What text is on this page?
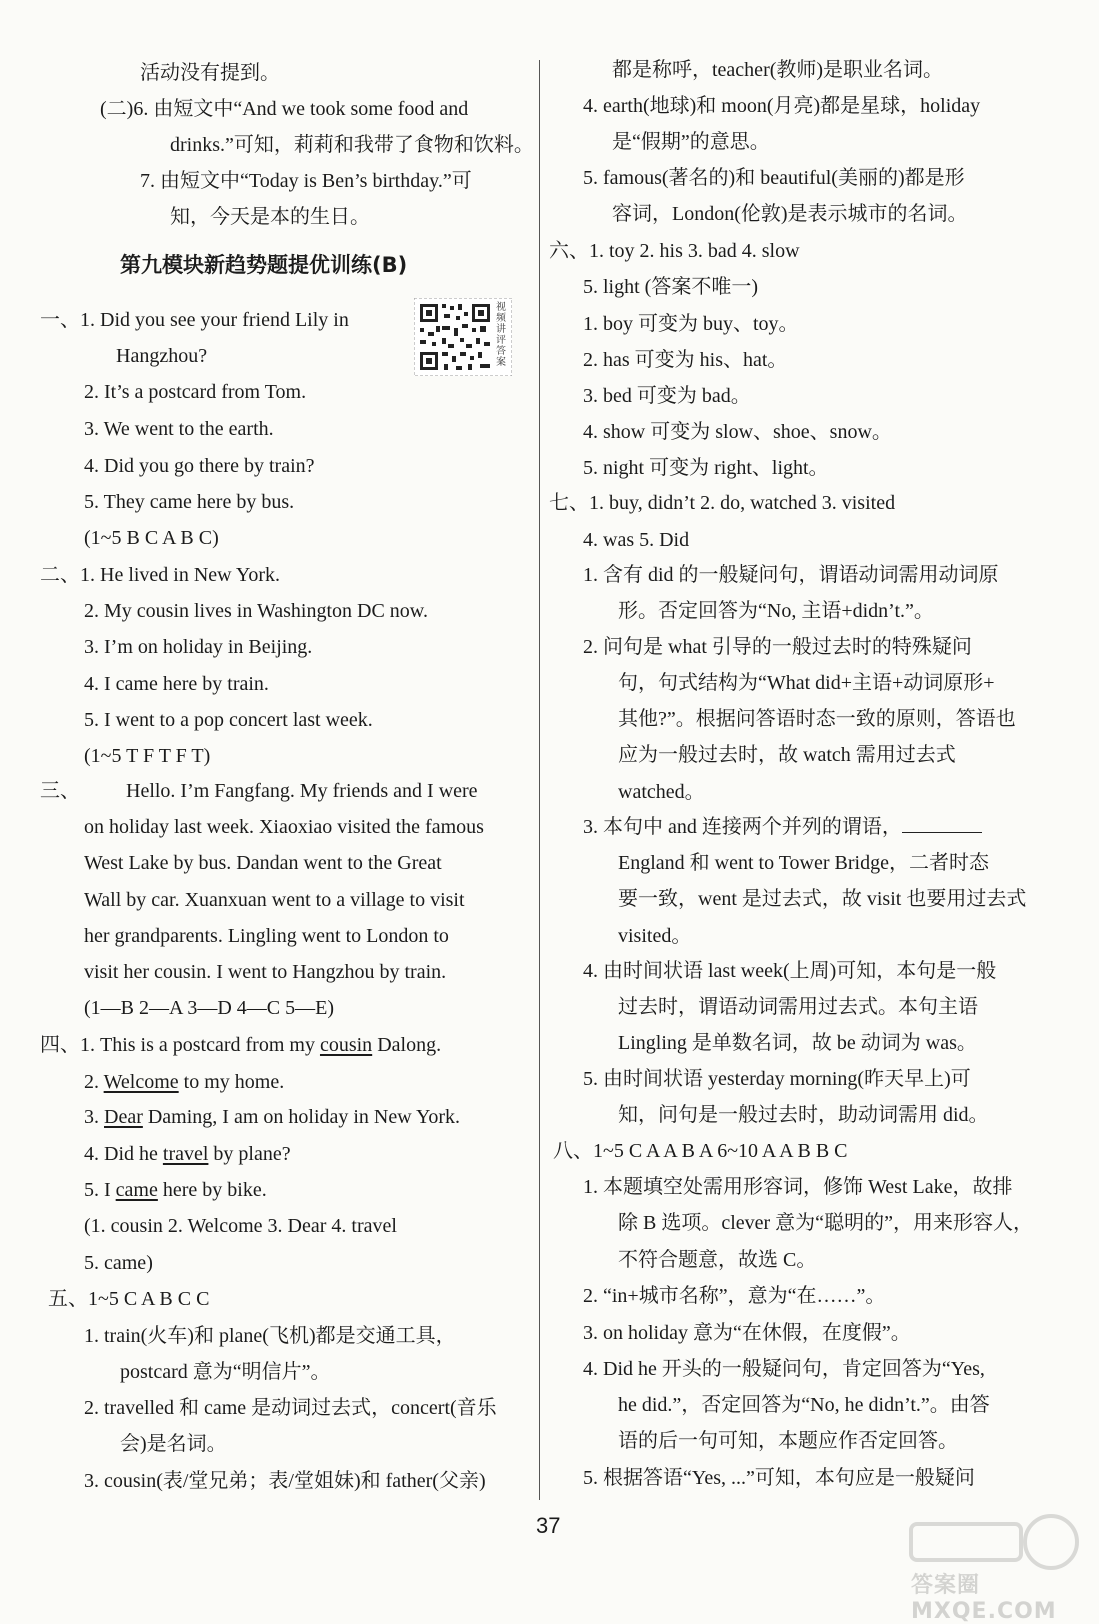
活动没有提到。
(二)6. 由短文中“And we took some food and
drinks.”可知，莉莉和我带了食物和饮料。
7. 由短文中“Today is Ben’s birthday.”可
知，今天是本的生日。
第九模块新趋势题提优训练(B)
一、1. Did you see your friend Lily in
Hangzhou?
2. It’s a postcard from Tom.
3. We went to the earth.
4. Did you go there by train?
5. They came here by bus.
(1~5 B C A B C)
二、1. He lived in New York.
2. My cousin lives in Washington DC now.
3. I’m on holiday in Beijing.
4. I came here by train.
5. I went to a pop concert last week.
(1~5 T F T F T)
三、 Hello. I’m Fangfang. My friends and I were
on holiday last week. Xiaoxiao visited the famous
West Lake by bus. Dandan went to the Great
Wall by car. Xuanxuan went to a village to visit
her grandparents. Lingling went to London to
visit her cousin. I went to Hangzhou by train.
(1—B 2—A 3—D 4—C 5—E)
四、1. This is a postcard from my cousin Dalong.
2. Welcome to my home.
3. Dear Daming, I am on holiday in New York.
4. Did he travel by plane?
5. I came here by bike.
(1. cousin 2. Welcome 3. Dear 4. travel
5. came)
五、1~5 C A B C C
1. train(火车)和 plane(飞机)都是交通工具，
postcard 意为“明信片”。
2. travelled 和 came 是动词过去式，concert(音乐
会)是名词。
3. cousin(表/堂兄弟；表/堂姐妹)和 father(父亲)
视频讲评答案
都是称呼，teacher(教师)是职业名词。
4. earth(地球)和 moon(月亮)都是星球，holiday
是“假期”的意思。
5. famous(著名的)和 beautiful(美丽的)都是形
容词，London(伦敦)是表示城市的名词。
六、1. toy 2. his 3. bad 4. slow
5. light (答案不唯一)
1. boy 可变为 buy、toy。
2. has 可变为 his、hat。
3. bed 可变为 bad。
4. show 可变为 slow、shoe、snow。
5. night 可变为 right、light。
七、1. buy, didn’t 2. do, watched 3. visited
4. was 5. Did
1. 含有 did 的一般疑问句，谓语动词需用动词原
形。否定回答为“No, 主语+didn’t.”。
2. 问句是 what 引导的一般过去时的特殊疑问
句，句式结构为“What did+主语+动词原形+
其他?”。根据问答语时态一致的原则，答语也
应为一般过去时，故 watch 需用过去式
watched。
3. 本句中 and 连接两个并列的谓语，
England 和 went to Tower Bridge，二者时态
要一致，went 是过去式，故 visit 也要用过去式
visited。
4. 由时间状语 last week(上周)可知，本句是一般
过去时，谓语动词需用过去式。本句主语
Lingling 是单数名词，故 be 动词为 was。
5. 由时间状语 yesterday morning(昨天早上)可
知，问句是一般过去时，助动词需用 did。
八、1~5 C A A B A 6~10 A A B B C
1. 本题填空处需用形容词，修饰 West Lake，故排
除 B 选项。clever 意为“聪明的”，用来形容人，
不符合题意，故选 C。
2. “in+城市名称”，意为“在……”。
3. on holiday 意为“在休假，在度假”。
4. Did he 开头的一般疑问句，肯定回答为“Yes,
he did.”，否定回答为“No, he didn’t.”。由答
语的后一句可知，本题应作否定回答。
5. 根据答语“Yes, ...”可知，本句应是一般疑问
37
答案圈 MXQE.COM
